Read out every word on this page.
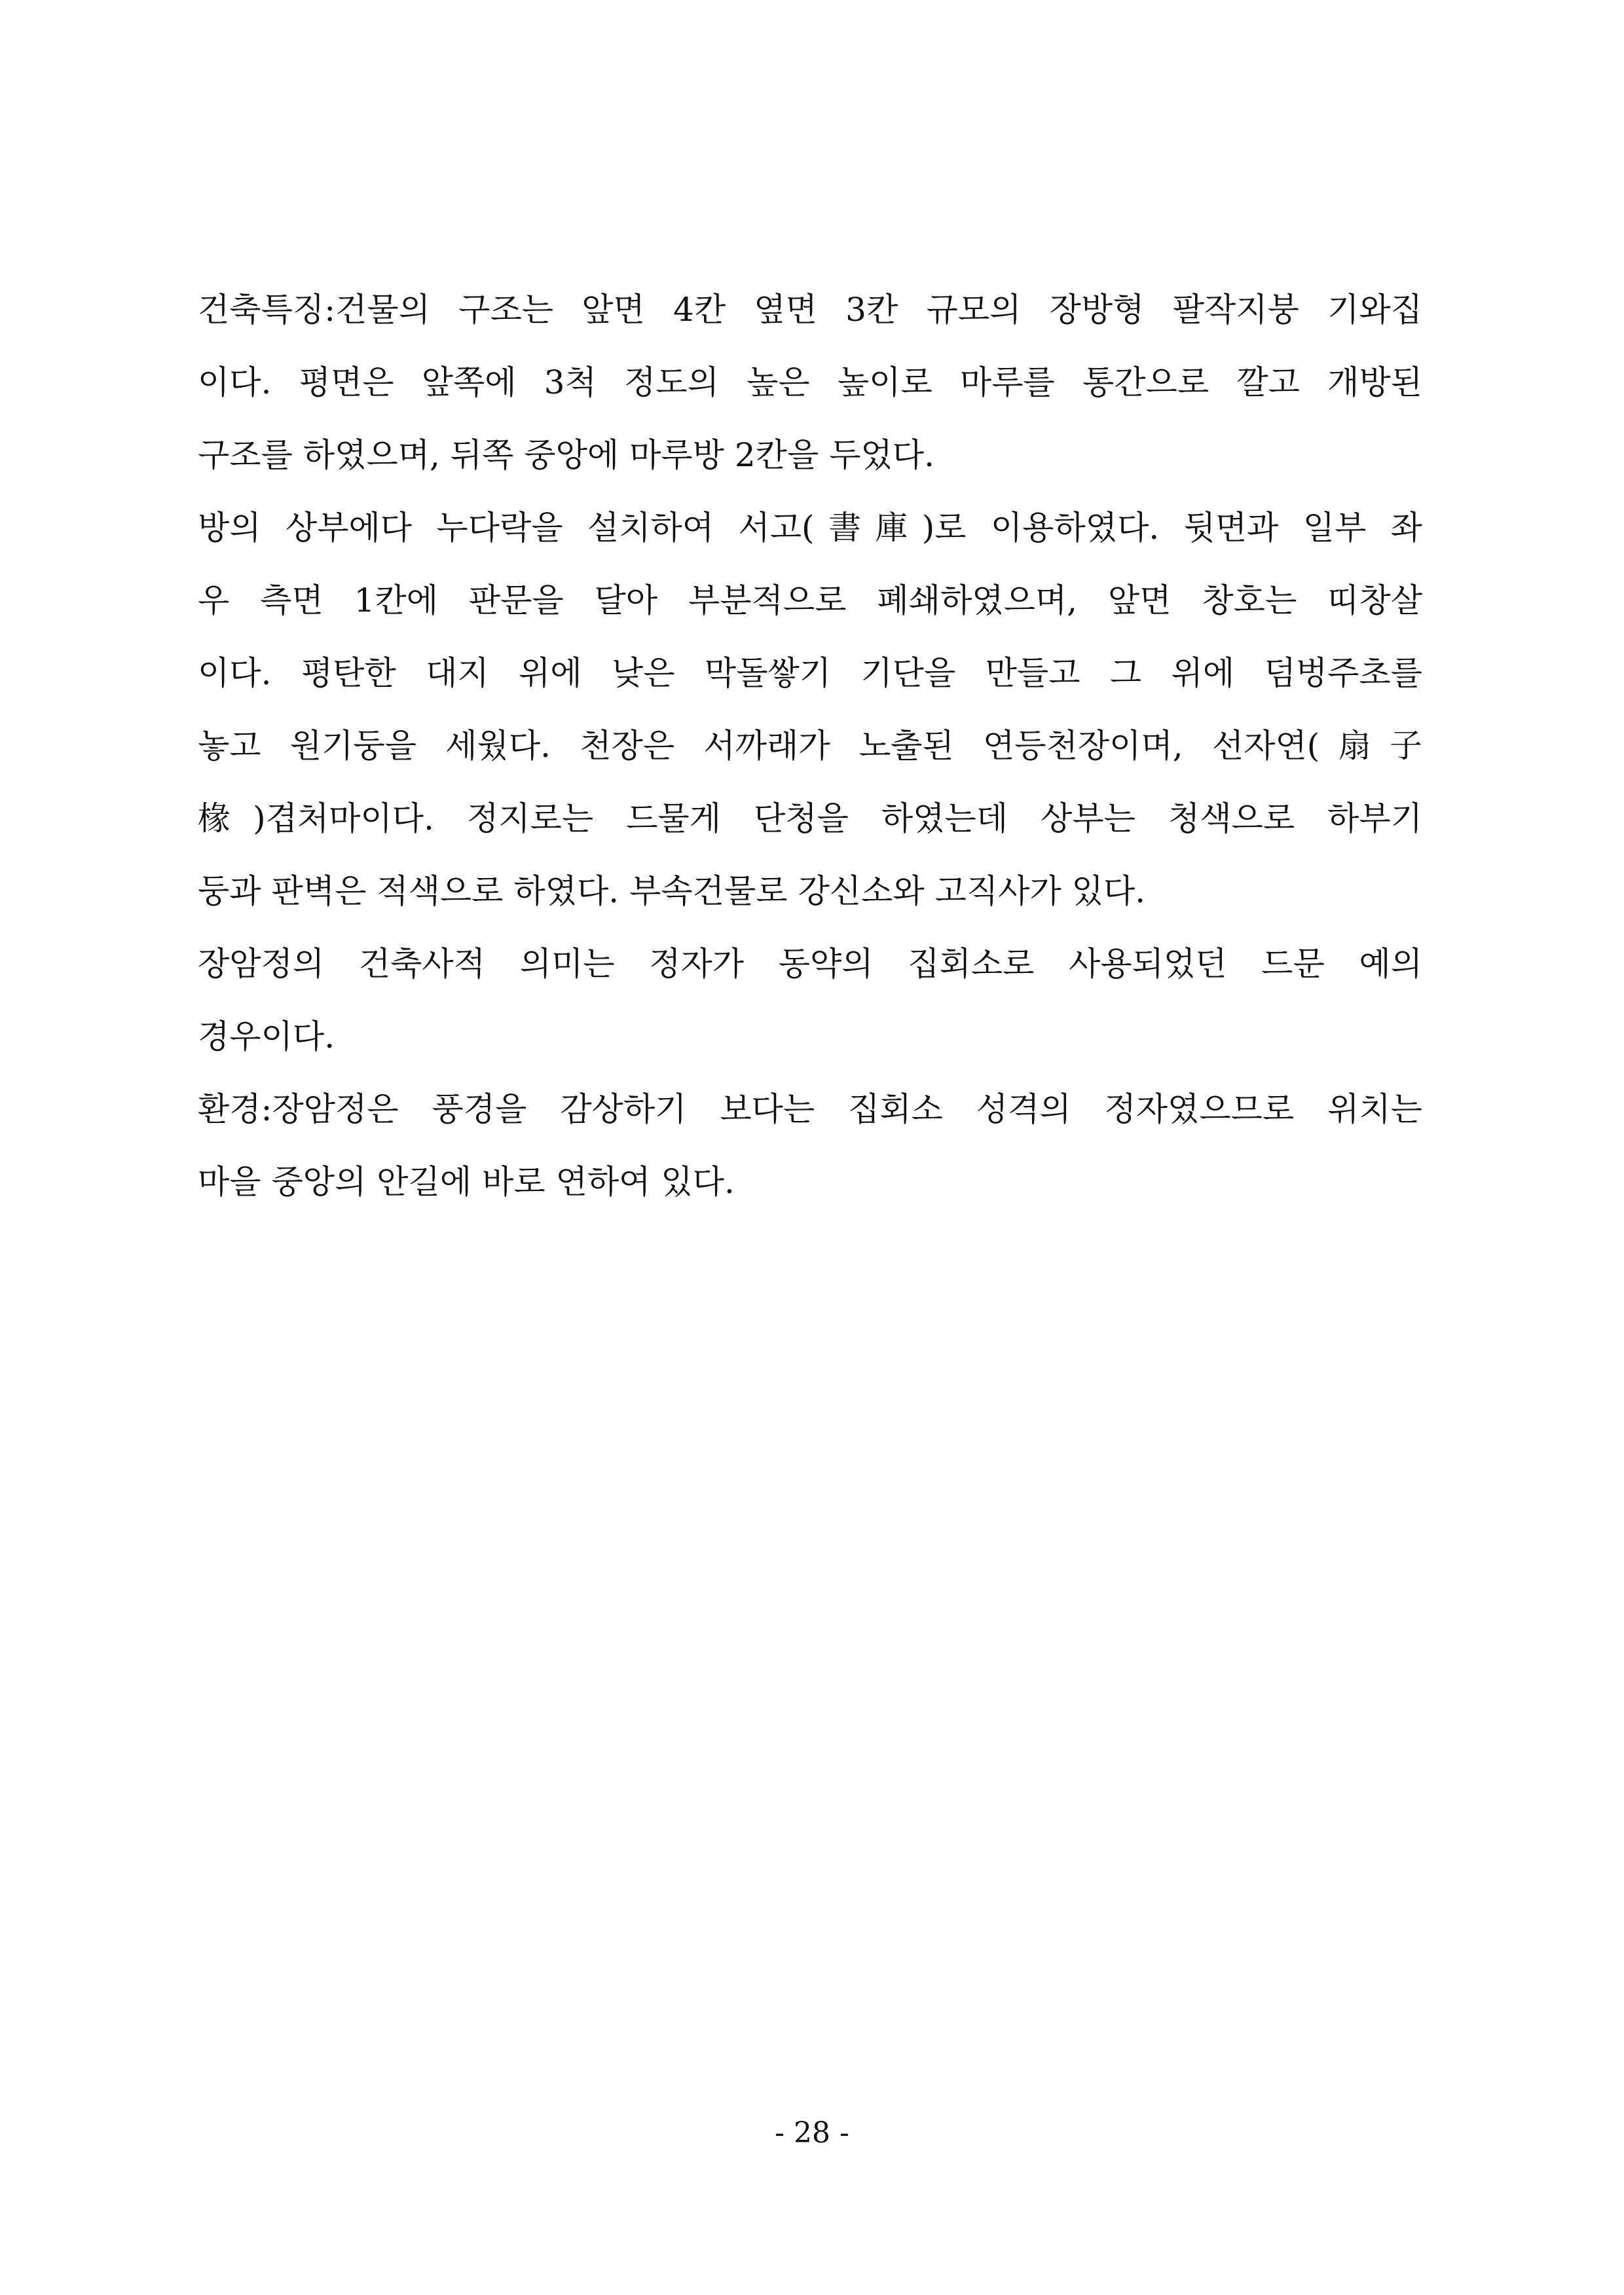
건축특징:건물의 구조는 앞면 4칸 옆면 3칸 규모의 장방형 팔작지붕 기와집
이다. 평면은 앞쪽에 3척 정도의 높은 높이로 마루를 통간으로 깔고 개방된
구조를 하였으며, 뒤쪽 중앙에 마루방 2칸을 두었다.
방의 상부에다 누다락을 설치하여 서고(書庫)로 이용하였다. 뒷면과 일부 좌
우 측면 1칸에 판문을 달아 부분적으로 폐쇄하였으며, 앞면 창호는 띠창살
이다. 평탄한 대지 위에 낮은 막돌쌓기 기단을 만들고 그 위에 덤벙주초를
놓고 원기둥을 세웠다. 천장은 서까래가 노출된 연등천장이며, 선자연(扇子
椽)겹처마이다. 정지로는 드물게 단청을 하였는데 상부는 청색으로 하부기
둥과 판벽은 적색으로 하였다. 부속건물로 강신소와 고직사가 있다.
장암정의 건축사적 의미는 정자가 동약의 집회소로 사용되었던 드문 예의
경우이다.
환경:장암정은 풍경을 감상하기 보다는 집회소 성격의 정자였으므로 위치는
마을 중앙의 안길에 바로 연하여 있다.
- 28 -
